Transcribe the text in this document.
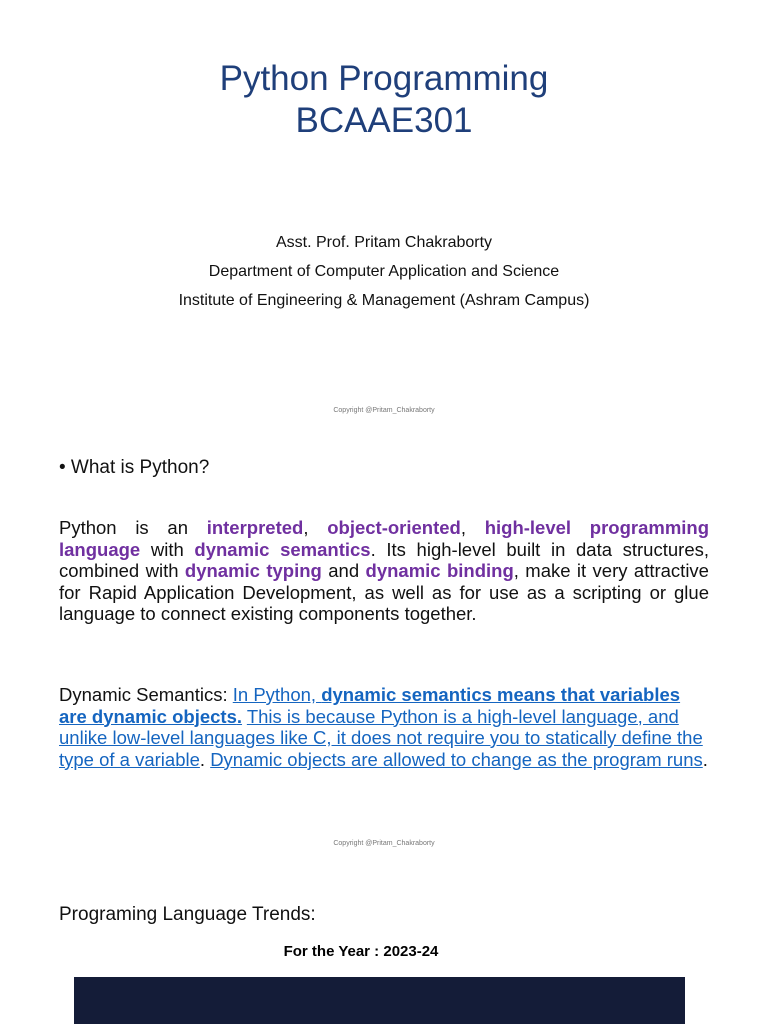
Python Programming
BCAAE301
Asst. Prof. Pritam Chakraborty
Department of Computer Application and Science
Institute of Engineering & Management (Ashram Campus)
Copyright @Pritam_Chakraborty
• What is Python?
Python is an interpreted, object-oriented, high-level programming language with dynamic semantics. Its high-level built in data structures, combined with dynamic typing and dynamic binding, make it very attractive for Rapid Application Development, as well as for use as a scripting or glue language to connect existing components together.
Dynamic Semantics: In Python, dynamic semantics means that variables are dynamic objects. This is because Python is a high-level language, and unlike low-level languages like C, it does not require you to statically define the type of a variable. Dynamic objects are allowed to change as the program runs.
Copyright @Pritam_Chakraborty
Programing Language Trends:
For the Year : 2023-24
